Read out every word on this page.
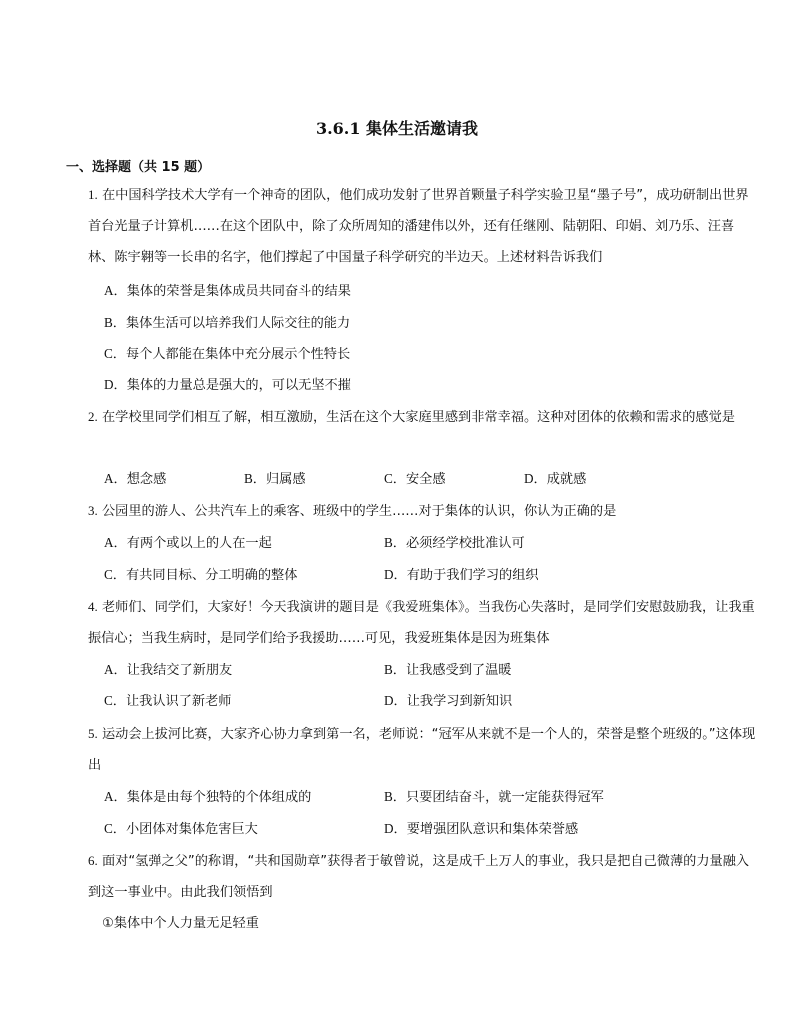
3.6.1 集体生活邀请我
一、选择题（共 15 题）
1. 在中国科学技术大学有一个神奇的团队，他们成功发射了世界首颗量子科学实验卫星“墨子号”，成功研制出世界首台光量子计算机……在这个团队中，除了众所周知的潘建伟以外，还有任继刚、陆朝阳、印娟、刘乃乐、汪喜林、陈宇翱等一长串的名字，他们撑起了中国量子科学研究的半边天。上述材料告诉我们
A．集体的荣誉是集体成员共同奋斗的结果
B．集体生活可以培养我们人际交往的能力
C．每个人都能在集体中充分展示个性特长
D．集体的力量总是强大的，可以无坚不摧
2. 在学校里同学们相互了解，相互激励，生活在这个大家庭里感到非常幸福。这种对团体的依赖和需求的感觉是
A．想念感	B．归属感	C．安全感	D．成就感
3. 公园里的游人、公共汽车上的乘客、班级中的学生……对于集体的认识，你认为正确的是
A．有两个或以上的人在一起	B．必须经学校批准认可
C．有共同目标、分工明确的整体	D．有助于我们学习的组织
4. 老师们、同学们，大家好！今天我演讲的题目是《我爱班集体》。当我伤心失落时，是同学们安慰鼓励我，让我重振信心；当我生病时，是同学们给予我援助……可见，我爱班集体是因为班集体
A．让我结交了新朋友	B．让我感受到了温暖
C．让我认识了新老师	D．让我学习到新知识
5. 运动会上拔河比赛，大家齐心协力拿到第一名，老师说：“冠军从来就不是一个人的，荣誉是整个班级的。”这体现出
A．集体是由每个独特的个体组成的	B．只要团结奋斗，就一定能获得冠军
C．小团体对集体危害巨大	D．要增强团队意识和集体荣誉感
6. 面对“氢弹之父”的称谓，“共和国勋章”获得者于敏曾说，这是成千上万人的事业，我只是把自己微薄的力量融入到这一事业中。由此我们领悟到
①集体中个人力量无足轻重
